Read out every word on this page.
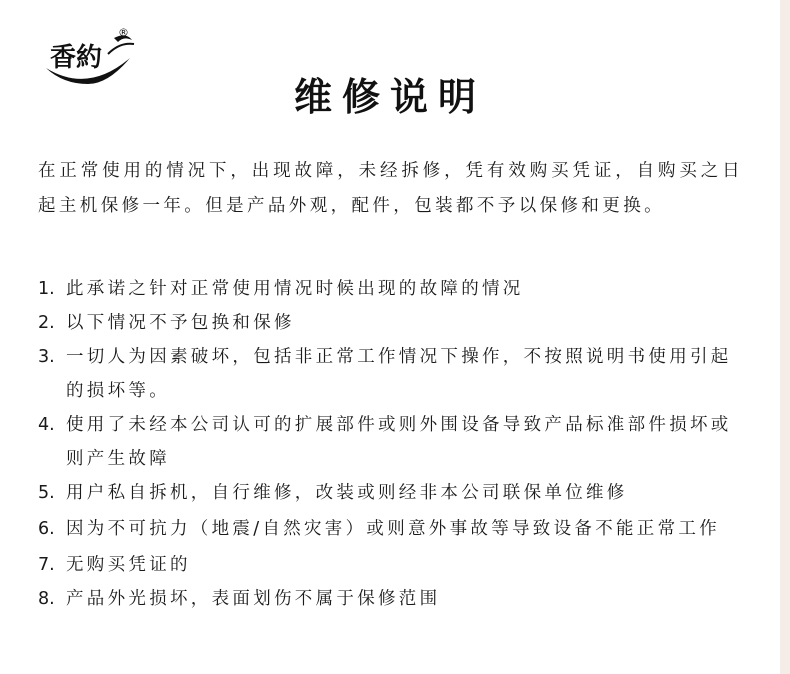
香約
®
维修说明

在正常使用的情况下，出现故障，未经拆修，凭有效购买凭证，自购买之日起主机保修一年。但是产品外观，配件，包装都不予以保修和更换。

1. 此承诺之针对正常使用情况时候出现的故障的情况
2. 以下情况不予包换和保修
3. 一切人为因素破坏，包括非正常工作情况下操作，不按照说明书使用引起的损坏等。
4. 使用了未经本公司认可的扩展部件或则外围设备导致产品标准部件损坏或则产生故障
5. 用户私自拆机，自行维修，改装或则经非本公司联保单位维修
6. 因为不可抗力（地震/自然灾害）或则意外事故等导致设备不能正常工作
7. 无购买凭证的
8. 产品外光损坏，表面划伤不属于保修范围
